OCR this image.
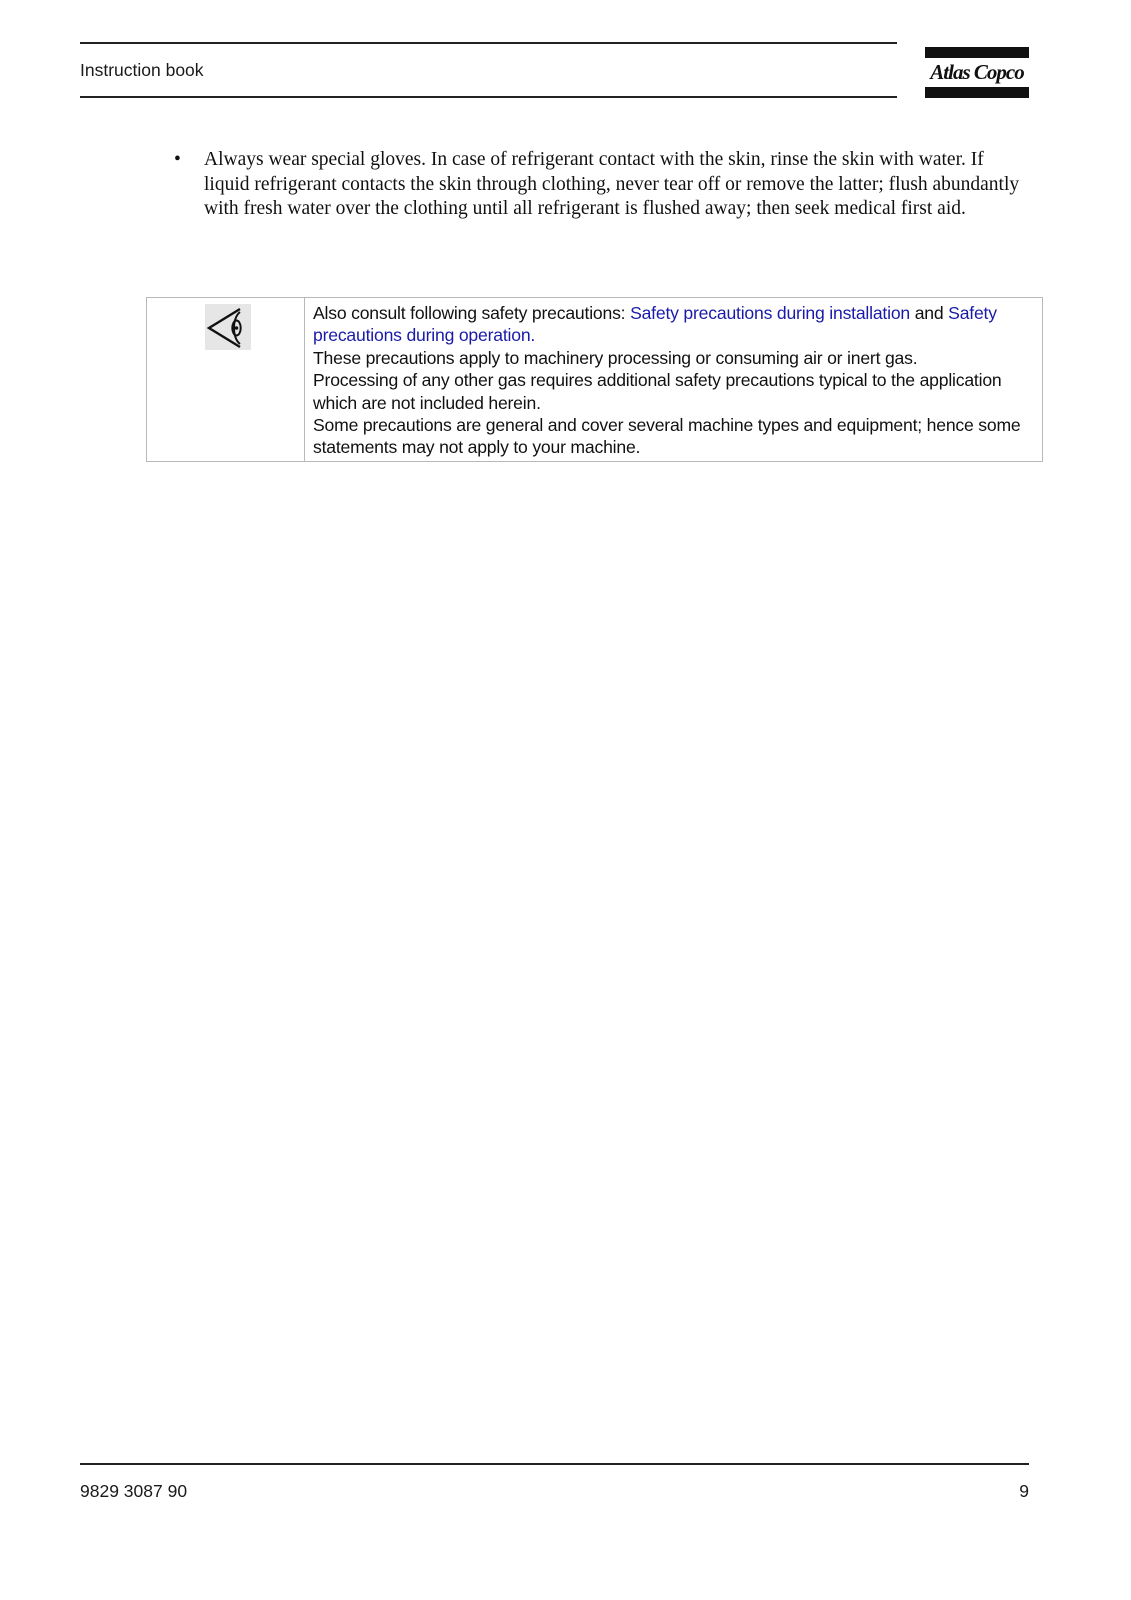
Instruction book	Atlas Copco
• Always wear special gloves. In case of refrigerant contact with the skin, rinse the skin with water. If liquid refrigerant contacts the skin through clothing, never tear off or remove the latter; flush abundantly with fresh water over the clothing until all refrigerant is flushed away; then seek medical first aid.

Also consult following safety precautions: Safety precautions during installation and Safety precautions during operation.

These precautions apply to machinery processing or consuming air or inert gas.

Processing of any other gas requires additional safety precautions typical to the application which are not included herein.

Some precautions are general and cover several machine types and equipment; hence some statements may not apply to your machine.

9829 3087 90	9
